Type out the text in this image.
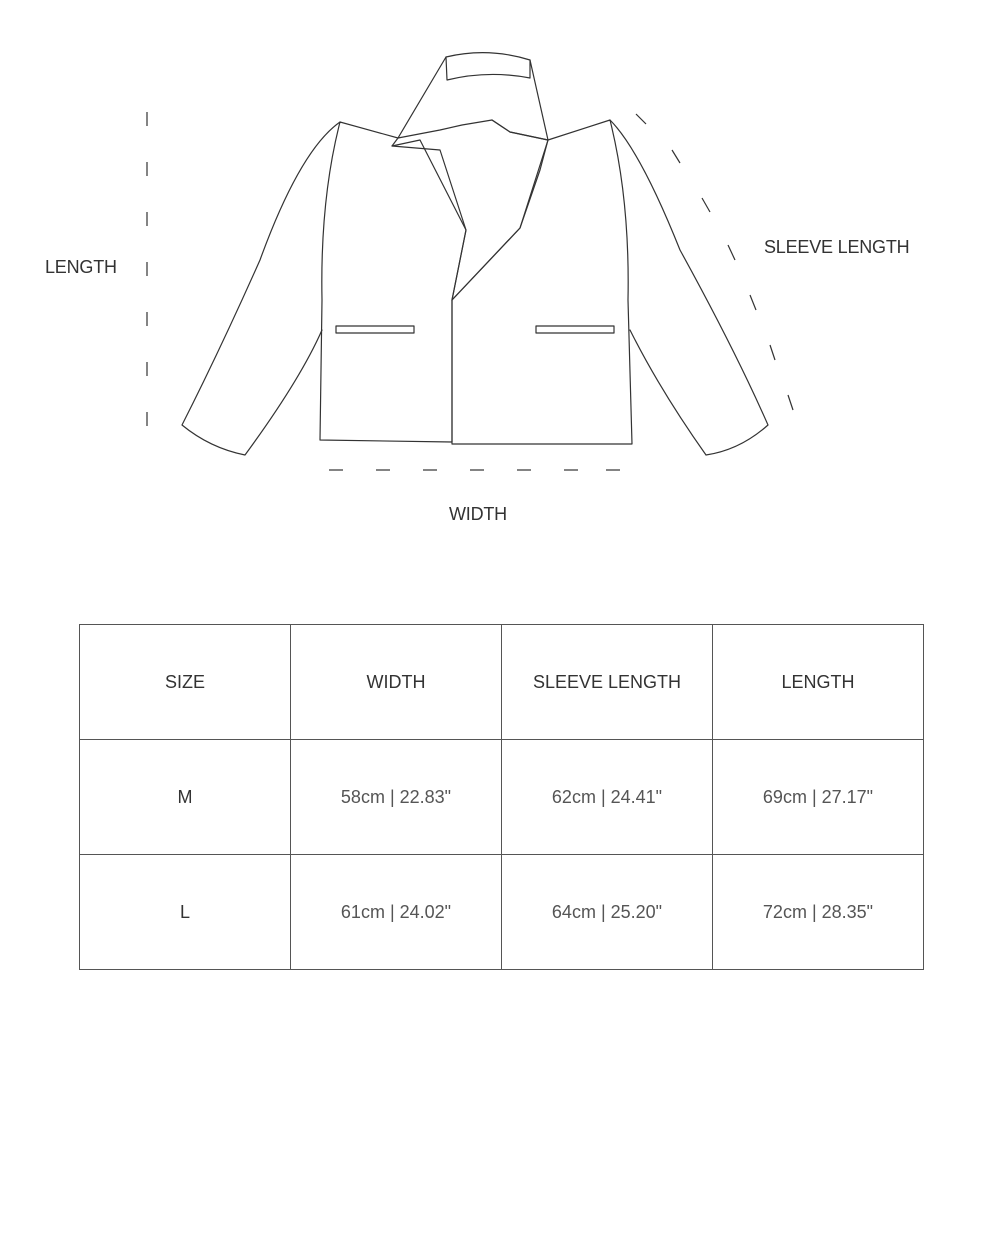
LENGTH
SLEEVE LENGTH
WIDTH
SIZE	WIDTH	SLEEVE LENGTH	LENGTH
M	58cm | 22.83"	62cm | 24.41"	69cm | 27.17"
L	61cm | 24.02"	64cm | 25.20"	72cm | 28.35"
